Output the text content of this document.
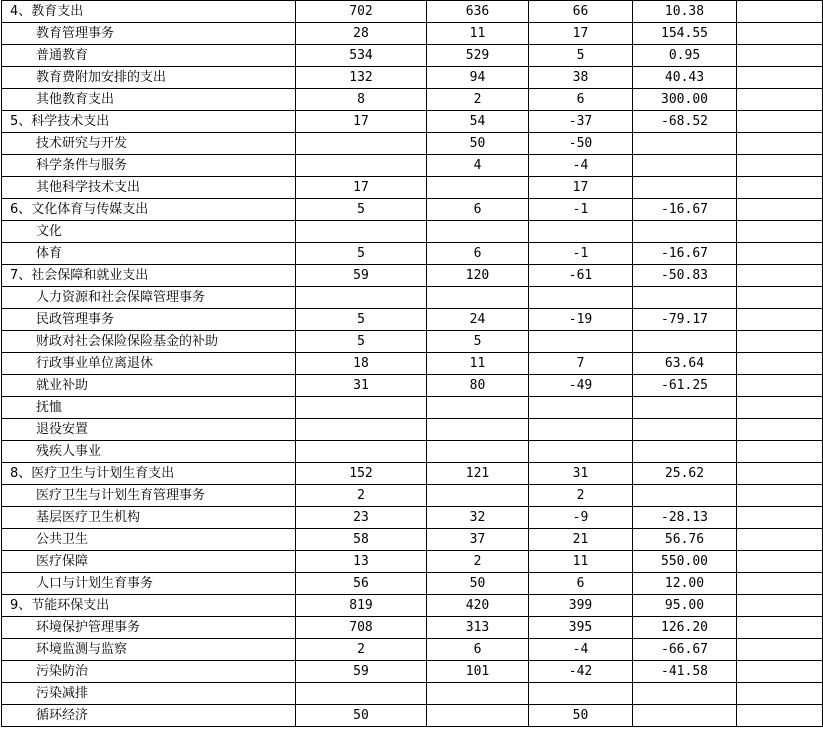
4、教育支出	702	636	66	10.38	
教育管理事务	28	11	17	154.55	
普通教育	534	529	5	0.95	
教育费附加安排的支出	132	94	38	40.43	
其他教育支出	8	2	6	300.00	
5、科学技术支出	17	54	-37	-68.52	
技术研究与开发		50	-50		
科学条件与服务		4	-4		
其他科学技术支出	17		17		
6、文化体育与传媒支出	5	6	-1	-16.67	
文化					
体育	5	6	-1	-16.67	
7、社会保障和就业支出	59	120	-61	-50.83	
人力资源和社会保障管理事务					
民政管理事务	5	24	-19	-79.17	
财政对社会保险保险基金的补助	5	5			
行政事业单位离退休	18	11	7	63.64	
就业补助	31	80	-49	-61.25	
抚恤					
退役安置					
残疾人事业					
8、医疗卫生与计划生育支出	152	121	31	25.62	
医疗卫生与计划生育管理事务	2		2		
基层医疗卫生机构	23	32	-9	-28.13	
公共卫生	58	37	21	56.76	
医疗保障	13	2	11	550.00	
人口与计划生育事务	56	50	6	12.00	
9、节能环保支出	819	420	399	95.00	
环境保护管理事务	708	313	395	126.20	
环境监测与监察	2	6	-4	-66.67	
污染防治	59	101	-42	-41.58	
污染减排					
循环经济	50		50		
